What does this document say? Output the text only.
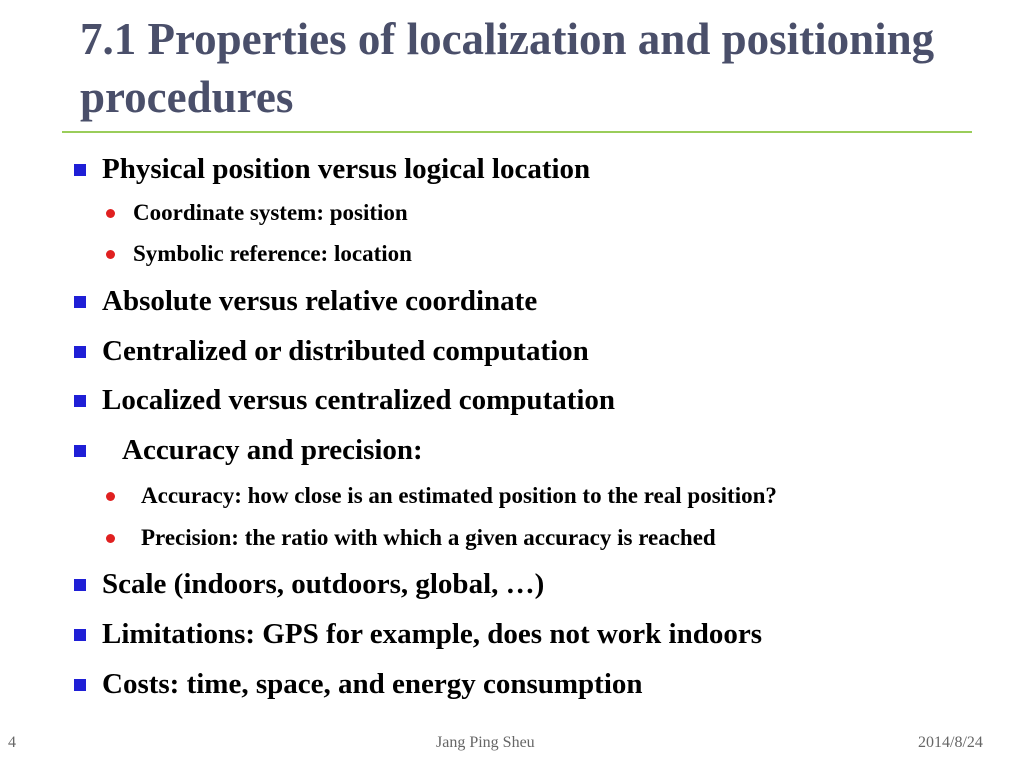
7.1 Properties of localization and positioning procedures
Physical position versus logical location
Coordinate system: position
Symbolic reference: location
Absolute versus relative coordinate
Centralized or distributed computation
Localized versus centralized computation
Accuracy and precision:
Accuracy: how close is an estimated position to the real position?
Precision: the ratio with which a given accuracy is reached
Scale (indoors, outdoors, global, …)
Limitations: GPS for example, does not work indoors
Costs: time, space, and energy consumption
4	Jang Ping Sheu	2014/8/24
